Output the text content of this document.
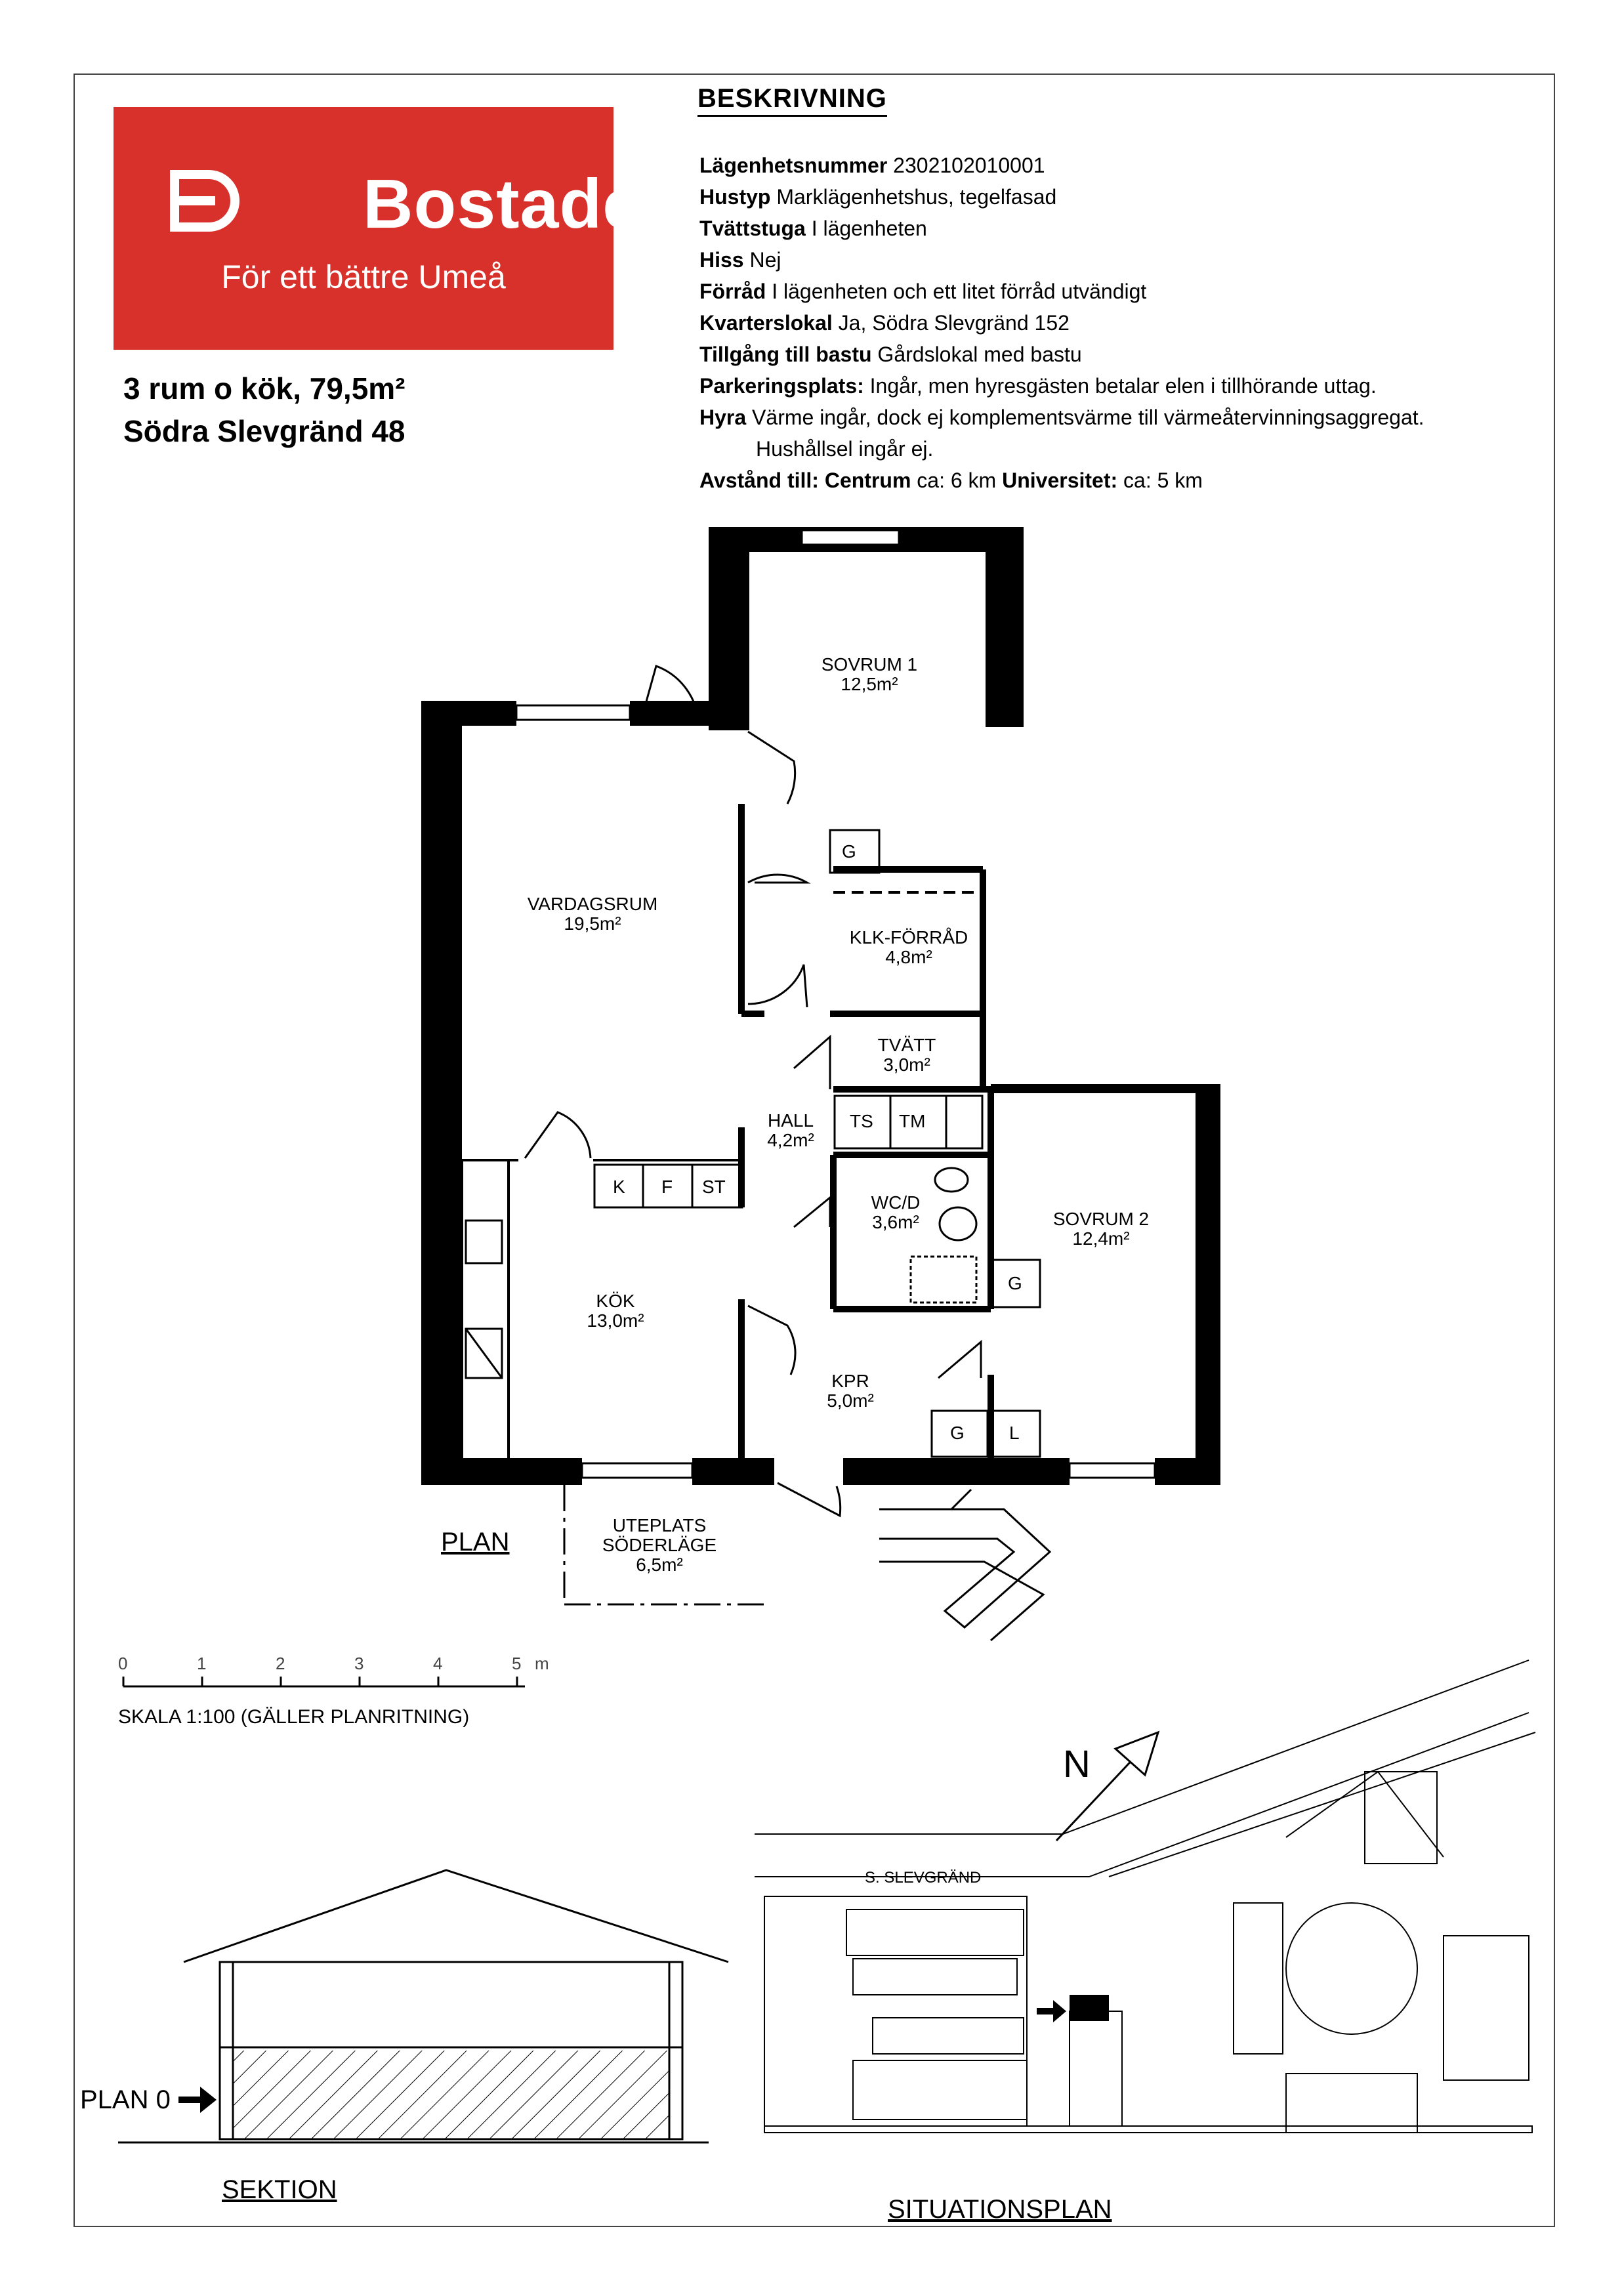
Bostaden
För ett bättre Umeå
3 rum o kök, 79,5m²
Södra Slevgränd 48
BESKRIVNING
Lägenhetsnummer 2302102010001
Hustyp Marklägenhetshus, tegelfasad
Tvättstuga I lägenheten
Hiss Nej
Förråd I lägenheten och ett litet förråd utvändigt
Kvarterslokal Ja, Södra Slevgränd 152
Tillgång till bastu Gårdslokal med bastu
Parkeringsplats: Ingår, men hyresgästen betalar elen i tillhörande uttag.
Hyra Värme ingår, dock ej komplementsvärme till värmeåtervinningsaggregat.
Hushållsel ingår ej.
Avstånd till: Centrum ca: 6 km Universitet: ca: 5 km
SOVRUM 1
12,5m²
VARDAGSRUM
19,5m²
KLK-FÖRRÅD
4,8m²
TVÄTT
3,0m²
HALL
4,2m²
WC/D
3,6m²	SOVRUM 2
12,4m²
KÖK
13,0m²
KPR
5,0m²
UTEPLATS
SÖDERLÄGE
6,5m²
G
K F ST
TS TM
G
G L
PLAN
0	1	2	3	4	5 m
SKALA 1:100 (GÄLLER PLANRITNING)
PLAN 0
SEKTION
SITUATIONSPLAN
S. SLEVGRÄND
N
